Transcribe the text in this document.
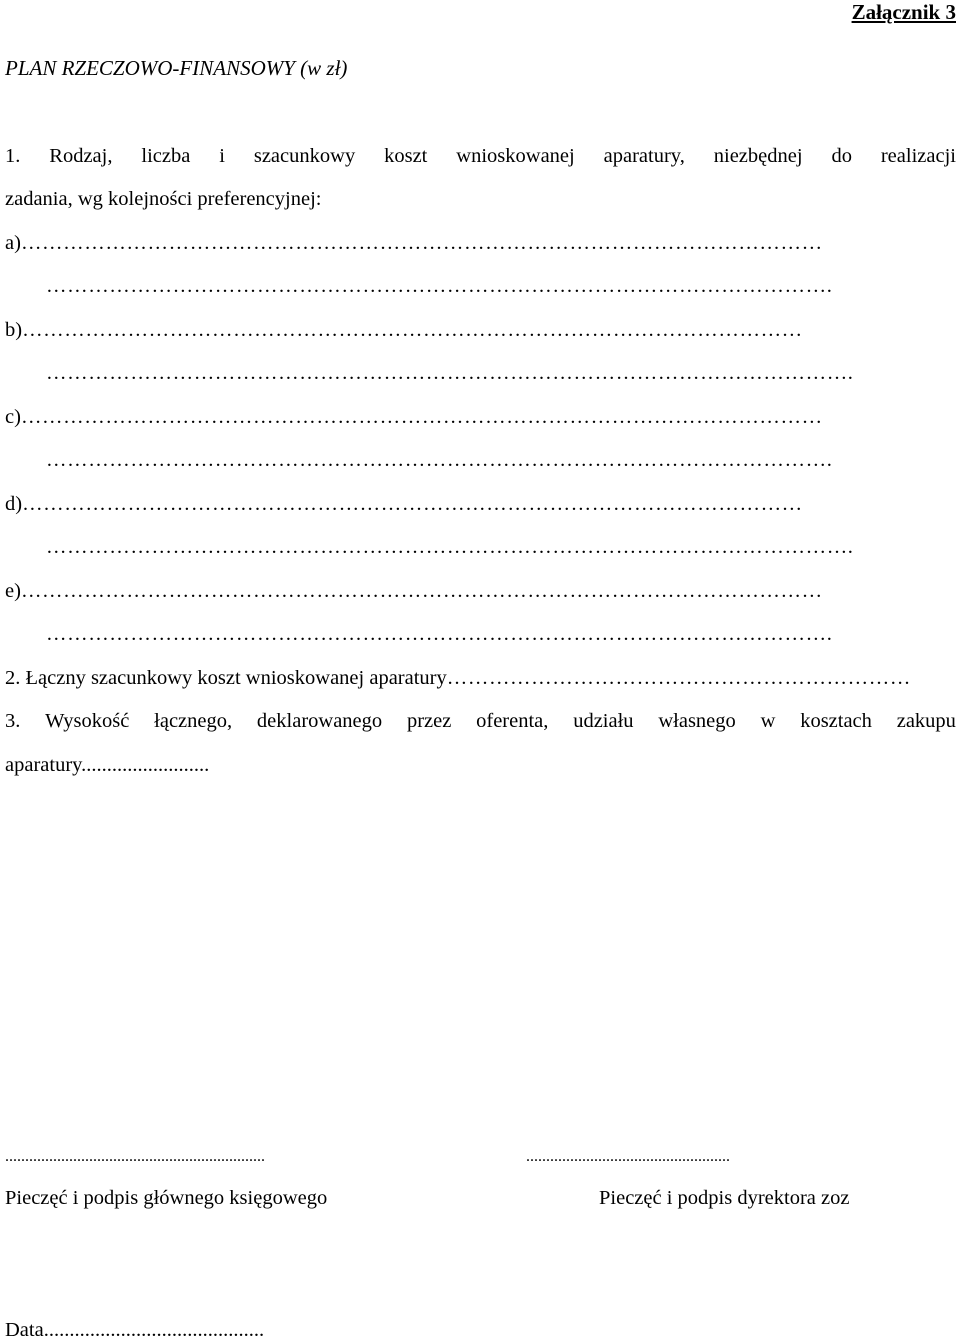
Załącznik 3
PLAN RZECZOWO-FINANSOWY (w zł)
1. Rodzaj, liczba i szacunkowy koszt wnioskowanej aparatury, niezbędnej do realizacji
zadania, wg kolejności preferencyjnej:
a)……………………………………………………………………………………………………
………………………………………………………………………………………………….
b)…………………………………………………………………………………………………
…………………………………………………………………………………………………….
c)……………………………………………………………………………………………………
………………………………………………………………………………………………….
d)…………………………………………………………………………………………………
…………………………………………………………………………………………………….
e)……………………………………………………………………………………………………
………………………………………………………………………………………………….
2. Łączny szacunkowy koszt wnioskowanej aparatury…………………………………………………………
3. Wysokość łącznego, deklarowanego przez oferenta, udziału własnego w kosztach zakupu
aparatury.........................
.................................................................	...................................................
Pieczęć i podpis głównego księgowego	Pieczęć i podpis dyrektora zoz
Data...........................................
